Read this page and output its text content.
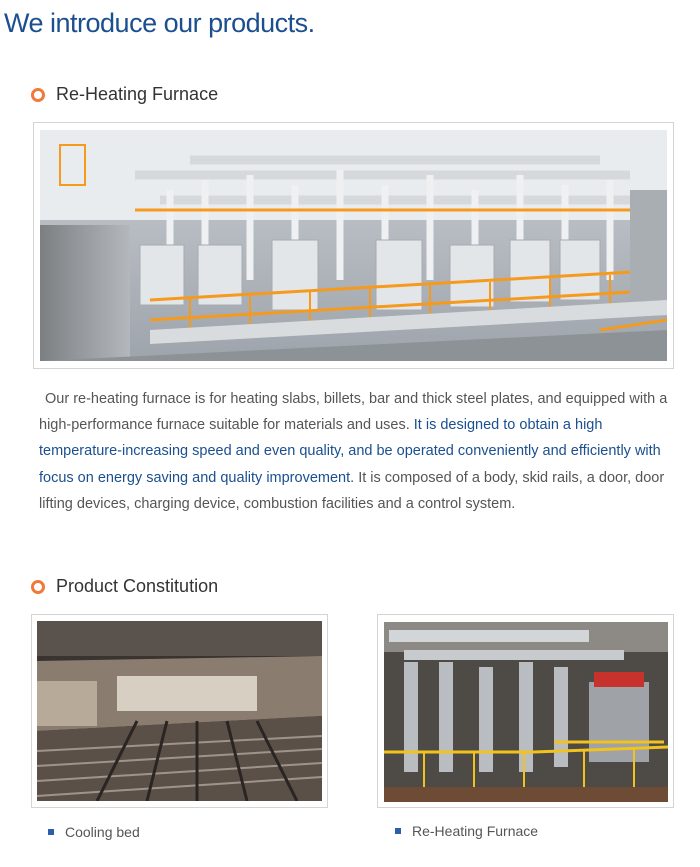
We introduce our products.
Re-Heating Furnace

Our re-heating furnace is for heating slabs, billets, bar and thick steel plates, and equipped with a high-performance furnace suitable for materials and uses. It is designed to obtain a high temperature-increasing speed and even quality, and be operated conveniently and efficiently with focus on energy saving and quality improvement. It is composed of a body, skid rails, a door, door lifting devices, charging device, combustion facilities and a control system.

Product Constitution
Cooling bed	Re-Heating Furnace
